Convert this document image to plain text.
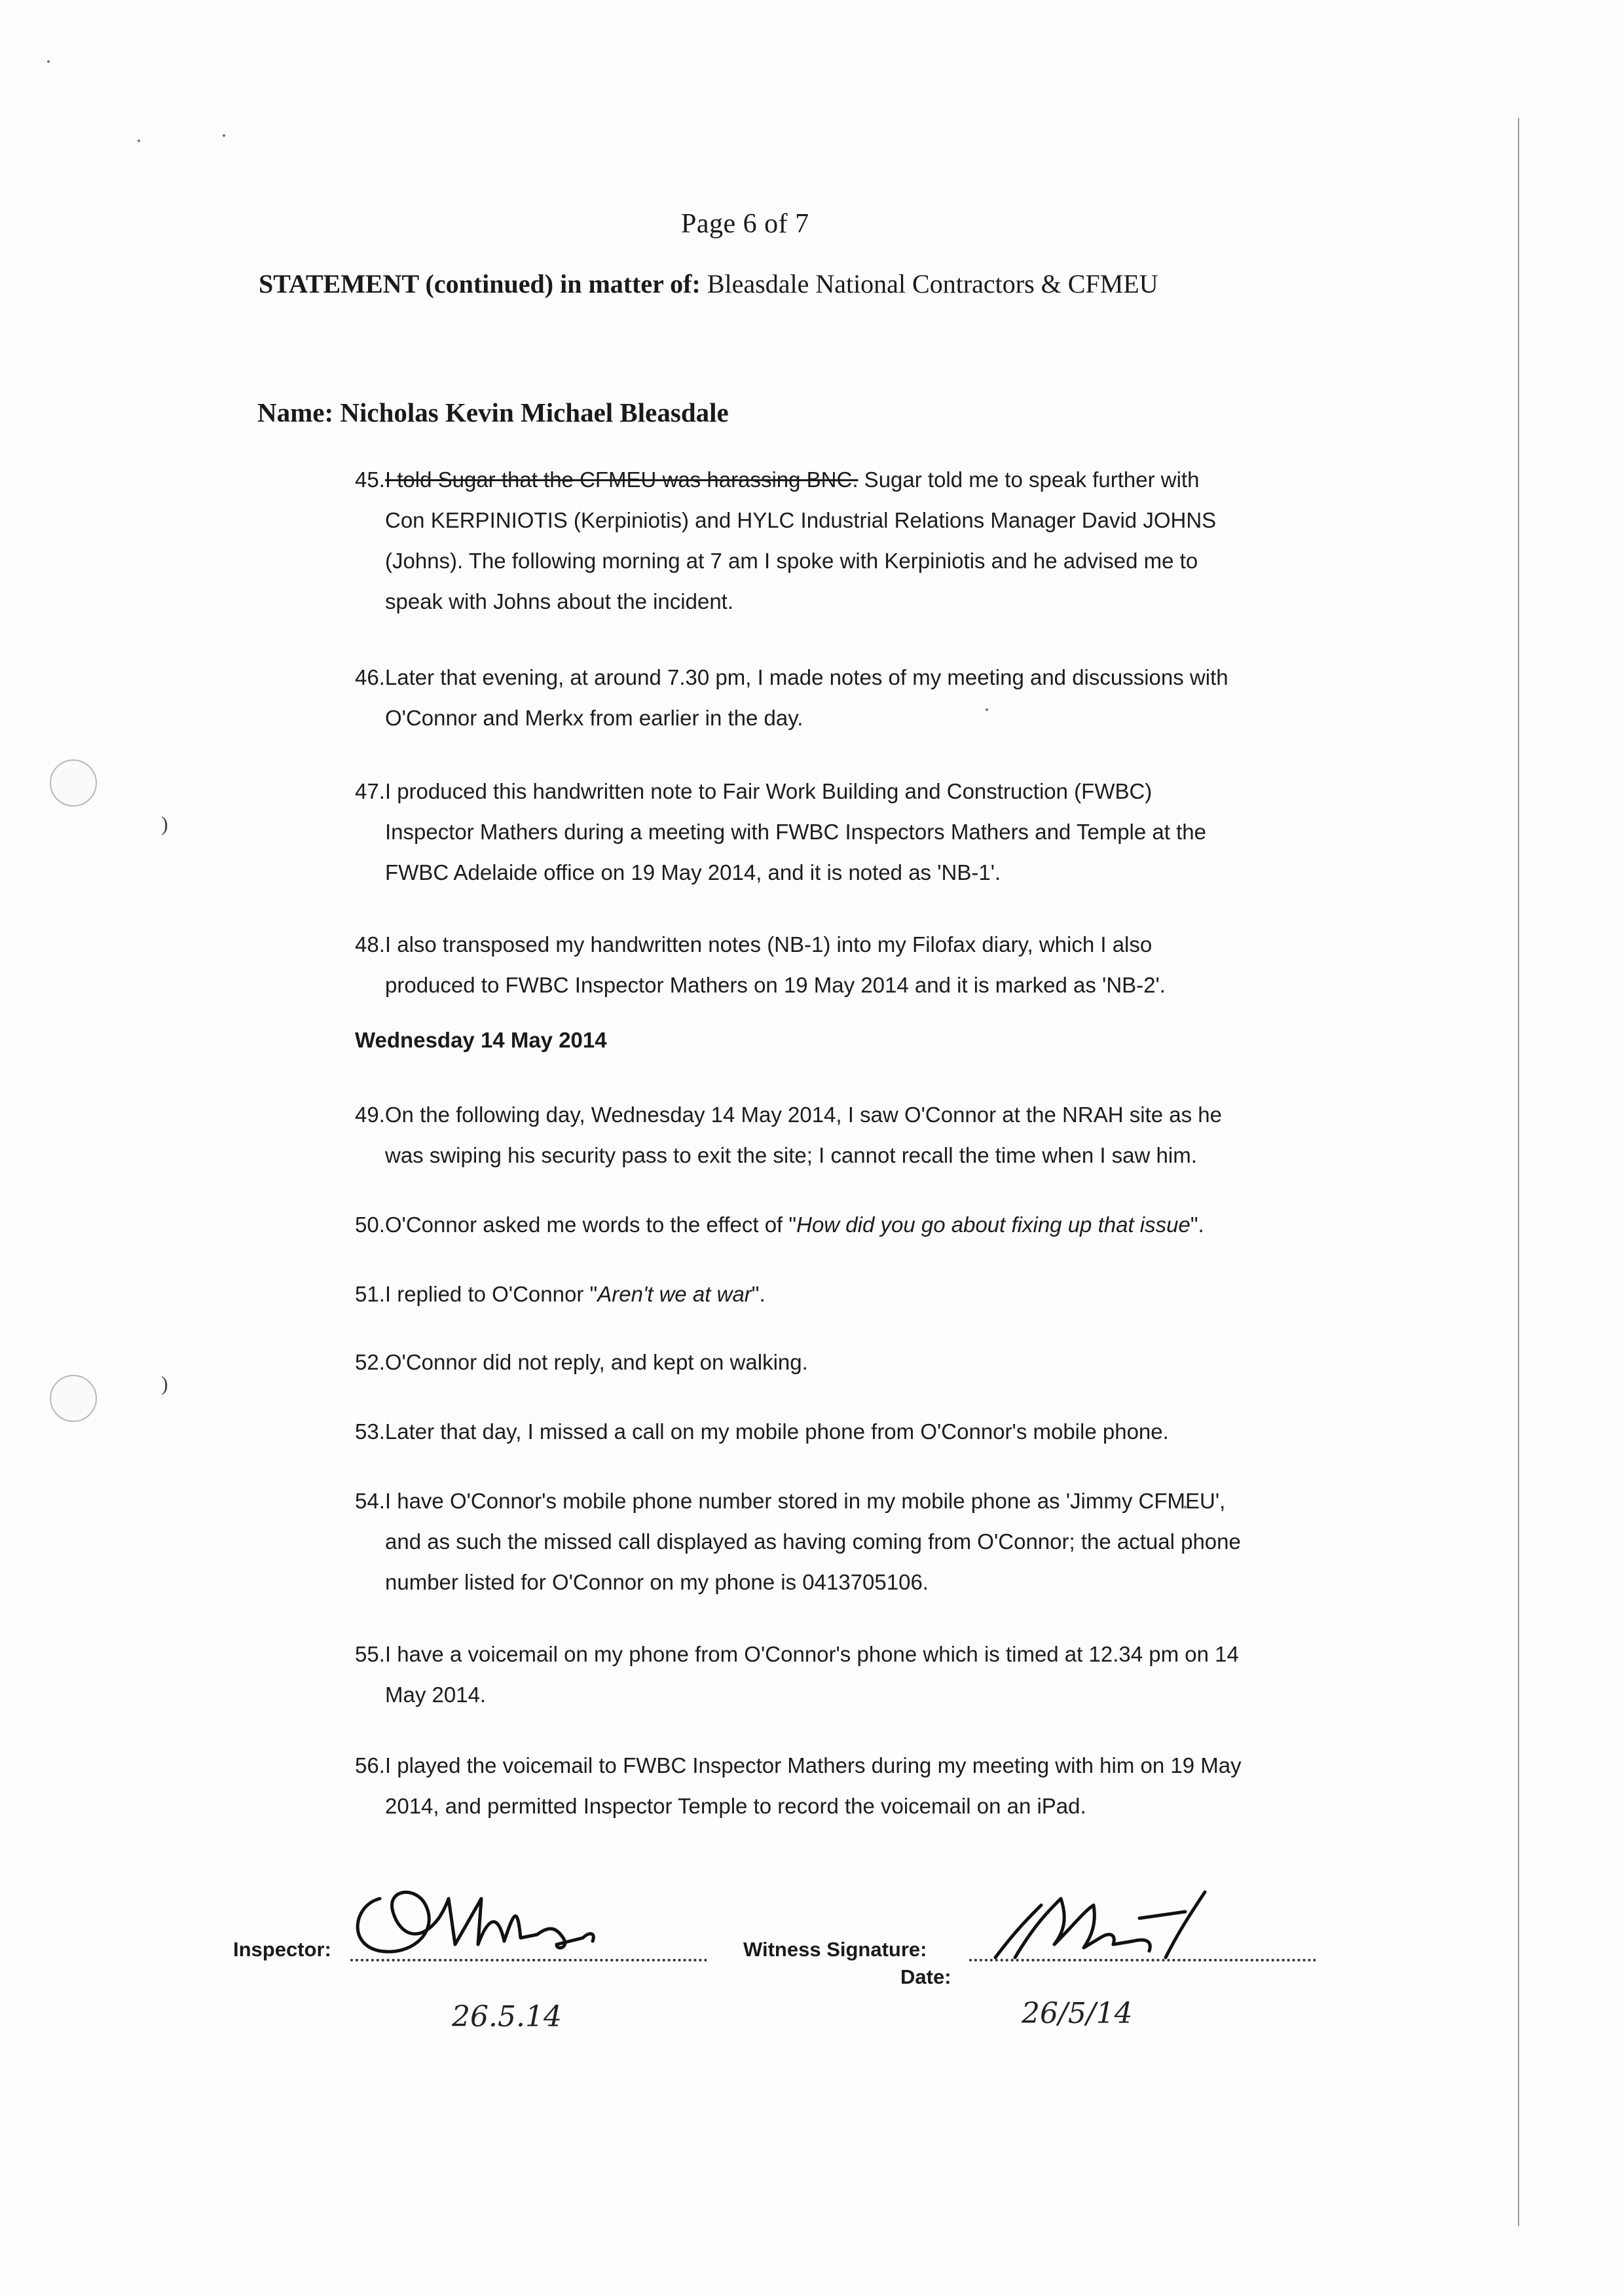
)
)
Page 6 of 7
STATEMENT (continued) in matter of: Bleasdale National Contractors & CFMEU
Name: Nicholas Kevin Michael Bleasdale
45.I told Sugar that the CFMEU was harassing BNC. Sugar told me to speak further with
Con KERPINIOTIS (Kerpiniotis) and HYLC Industrial Relations Manager David JOHNS
(Johns). The following morning at 7 am I spoke with Kerpiniotis and he advised me to
speak with Johns about the incident.
46.Later that evening, at around 7.30 pm, I made notes of my meeting and discussions with
O'Connor and Merkx from earlier in the day.
47.I produced this handwritten note to Fair Work Building and Construction (FWBC)
Inspector Mathers during a meeting with FWBC Inspectors Mathers and Temple at the
FWBC Adelaide office on 19 May 2014, and it is noted as 'NB-1'.
48.I also transposed my handwritten notes (NB-1) into my Filofax diary, which I also
produced to FWBC Inspector Mathers on 19 May 2014 and it is marked as 'NB-2'.
Wednesday 14 May 2014
49.On the following day, Wednesday 14 May 2014, I saw O'Connor at the NRAH site as he
was swiping his security pass to exit the site; I cannot recall the time when I saw him.
50.O'Connor asked me words to the effect of "How did you go about fixing up that issue".
51.I replied to O'Connor "Aren't we at war".
52.O'Connor did not reply, and kept on walking.
53.Later that day, I missed a call on my mobile phone from O'Connor's mobile phone.
54.I have O'Connor's mobile phone number stored in my mobile phone as 'Jimmy CFMEU',
and as such the missed call displayed as having coming from O'Connor; the actual phone
number listed for O'Connor on my phone is 0413705106.
55.I have a voicemail on my phone from O'Connor's phone which is timed at 12.34 pm on 14
May 2014.
56.I played the voicemail to FWBC Inspector Mathers during my meeting with him on 19 May
2014, and permitted Inspector Temple to record the voicemail on an iPad.
Inspector:
26.5.14
Witness Signature:
Date:
26/5/14
